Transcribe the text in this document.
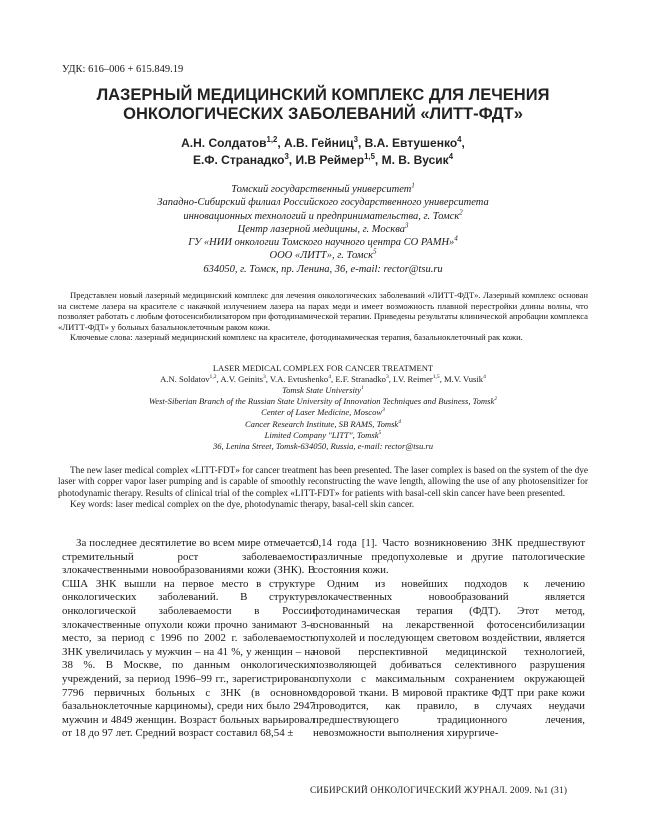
УДК: 616–006 + 615.849.19
ЛАЗЕРНЫЙ МЕДИЦИНСКИЙ КОМПЛЕКС ДЛЯ ЛЕЧЕНИЯ
ОНКОЛОГИЧЕСКИХ ЗАБОЛЕВАНИЙ «ЛИТТ-ФДТ»
А.Н. Солдатов$^{1,2}$, А.В. Гейниц$^3$, В.А. Евтушенко$^4$,
Е.Ф. Странадко$^3$, И.В Реймер$^{1,5}$, М. В. Вусик$^4$
Томский государственный университет$^1$
Западно-Сибирский филиал Российского государственного университета
инновационных технологий и предпринимательства, г. Томск$^2$
Центр лазерной медицины, г. Москва$^3$
ГУ «НИИ онкологии Томского научного центра СО РАМН»$^4$
ООО «ЛИТТ», г. Томск$^5$
634050, г. Томск, пр. Ленина, 36, e-mail: rector@tsu.ru

Представлен новый лазерный медицинский комплекс для лечения онкологических заболеваний «ЛИТТ-ФДТ». Лазерный комплекс основан на системе лазера на красителе с накачкой излучением лазера на парах меди и имеет возможность плавной перестройки длины волны, что позволяет работать с любым фотосенсибилизатором при фотодинамической терапии. Приведены результаты клинической апробации комплекса «ЛИТТ-ФДТ» у больных базальноклеточным раком кожи.

Ключевые слова: лазерный медицинский комплекс на красителе, фотодинамическая терапия, базальноклеточный рак кожи.

LASER MEDICAL COMPLEX FOR CANCER TREATMENT
A.N. Soldatov$^{1,2}$, A.V. Geinits$^3$, V.A. Evtushenko$^4$, E.F. Stranadko$^3$, I.V. Reimer$^{1,5}$, M.V. Vusik$^4$
Tomsk State University$^1$
West-Siberian Branch of the Russian State University of Innovation Techniques and Business, Tomsk$^2$
Center of Laser Medicine, Moscow$^3$
Cancer Research Institute, SB RAMS, Tomsk$^4$
Limited Company "LITT", Tomsk$^5$
36, Lenina Street, Tomsk-634050, Russia, e-mail: rector@tsu.ru

The new laser medical complex «LITT-FDT» for cancer treatment has been presented. The laser complex is based on the system of the dye laser with copper vapor laser pumping and is capable of smoothly reconstructing the wave length, allowing the use of any photosensitizer for photodynamic therapy. Results of clinical trial of the complex «LITT-FDT» for patients with basal-cell skin cancer have been presented.

Key words: laser medical complex on the dye, photodynamic therapy, basal-cell skin cancer.

За последнее десятилетие во всем мире отмечается стремительный рост заболеваемости злокачественными новообразованиями кожи (ЗНК). В США ЗНК вышли на первое место в структуре онкологических заболеваний. В структуре онкологической заболеваемости в России злокачественные опухоли кожи прочно занимают 3-е место, за период с 1996 по 2002 г. заболеваемость ЗНК увеличилась у мужчин – на 41 %, у женщин – на 38 %. В Москве, по данным онкологических учреждений, за период 1996–99 гг., зарегистрировано 7796 первичных больных с ЗНК (в основном базальноклеточные карциномы), среди них было 2947 мужчин и 4849 женщин. Возраст больных варьировал от 18 до 97 лет. Средний возраст составил 68,54 ±

0,14 года [1]. Часто возникновению ЗНК предшествуют различные предопухолевые и другие патологические состояния кожи.

Одним из новейших подходов к лечению злокачественных новообразований является фотодинамическая терапия (ФДТ). Этот метод, основанный на лекарственной фотосенсибилизации опухолей и последующем световом воздействии, является новой перспективной медицинской технологией, позволяющей добиваться селективного разрушения опухоли с максимальным сохранением окружающей здоровой ткани. В мировой практике ФДТ при раке кожи проводится, как правило, в случаях неудачи предшествующего традиционного лечения, невозможности выполнения хирургиче-

СИБИРСКИЙ ОНКОЛОГИЧЕСКИЙ ЖУРНАЛ. 2009. №1 (31)
